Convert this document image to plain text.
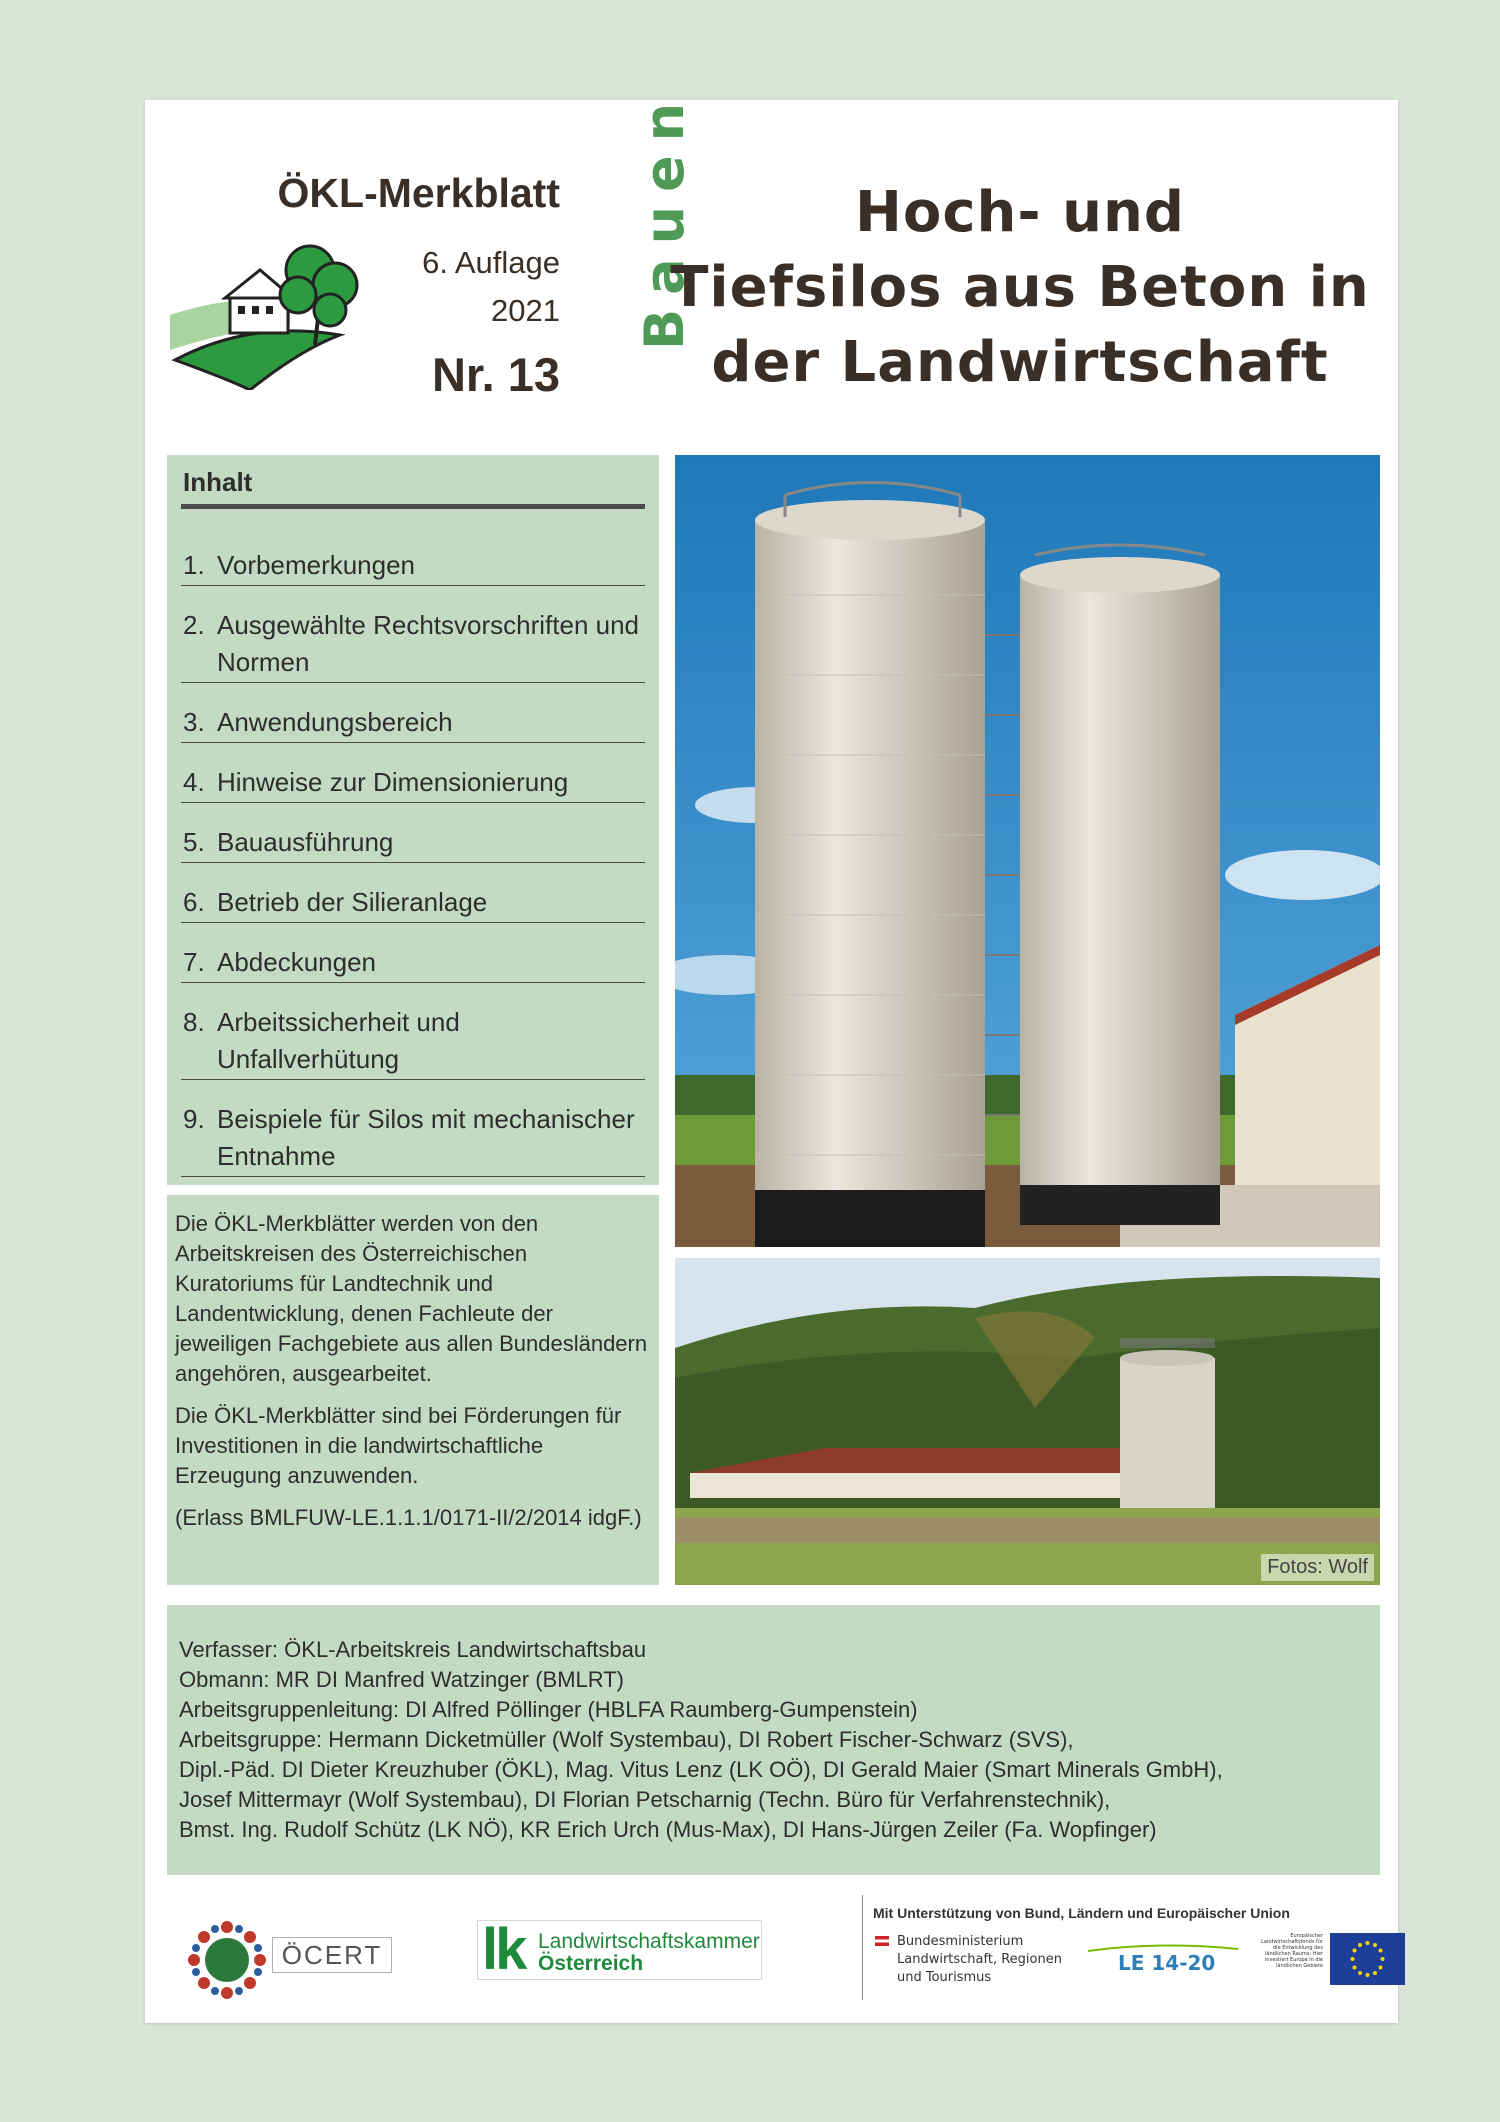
ÖKL-Merkblatt
6. Auflage
2021
Nr. 13
Bauen	Hoch- und
Tiefsilos aus Beton in
der Landwirtschaft
Inhalt
1. Vorbemerkungen
2. Ausgewählte Rechtsvorschriften und Normen
3. Anwendungsbereich
4. Hinweise zur Dimensionierung
5. Bauausführung
6. Betrieb der Silieranlage
7. Abdeckungen
8. Arbeitssicherheit und Unfallverhütung
9. Beispiele für Silos mit mechanischer Entnahme

Die ÖKL-Merkblätter werden von den Arbeitskreisen des Österreichischen Kuratoriums für Landtechnik und Landentwicklung, denen Fachleute der jeweiligen Fachgebiete aus allen Bundesländern angehören, ausgearbeitet.

Die ÖKL-Merkblätter sind bei Förderungen für Investitionen in die landwirtschaftliche Erzeugung anzuwenden.

(Erlass BMLFUW-LE.1.1.1/0171-II/2/2014 idgF.)

Fotos: Wolf
Verfasser: ÖKL-Arbeitskreis Landwirtschaftsbau
Obmann: MR DI Manfred Watzinger (BMLRT)
Arbeitsgruppenleitung: DI Alfred Pöllinger (HBLFA Raumberg-Gumpenstein)
Arbeitsgruppe: Hermann Dicketmüller (Wolf Systembau), DI Robert Fischer-Schwarz (SVS),
Dipl.-Päd. DI Dieter Kreuzhuber (ÖKL), Mag. Vitus Lenz (LK OÖ), DI Gerald Maier (Smart Minerals GmbH),
Josef Mittermayr (Wolf Systembau), DI Florian Petscharnig (Techn. Büro für Verfahrenstechnik),
Bmst. Ing. Rudolf Schütz (LK NÖ), KR Erich Urch (Mus-Max), DI Hans-Jürgen Zeiler (Fa. Wopfinger)
ÖCERT lk Landwirtschaftskammer
Österreich
Mit Unterstützung von Bund, Ländern und Europäischer Union
Bundesministerium
Landwirtschaft, Regionen
und Tourismus
LE 14-20
Europäischer Landwirtschaftsfonds für die Entwicklung des ländlichen Raums: Hier investiert Europa in die ländlichen Gebiete
